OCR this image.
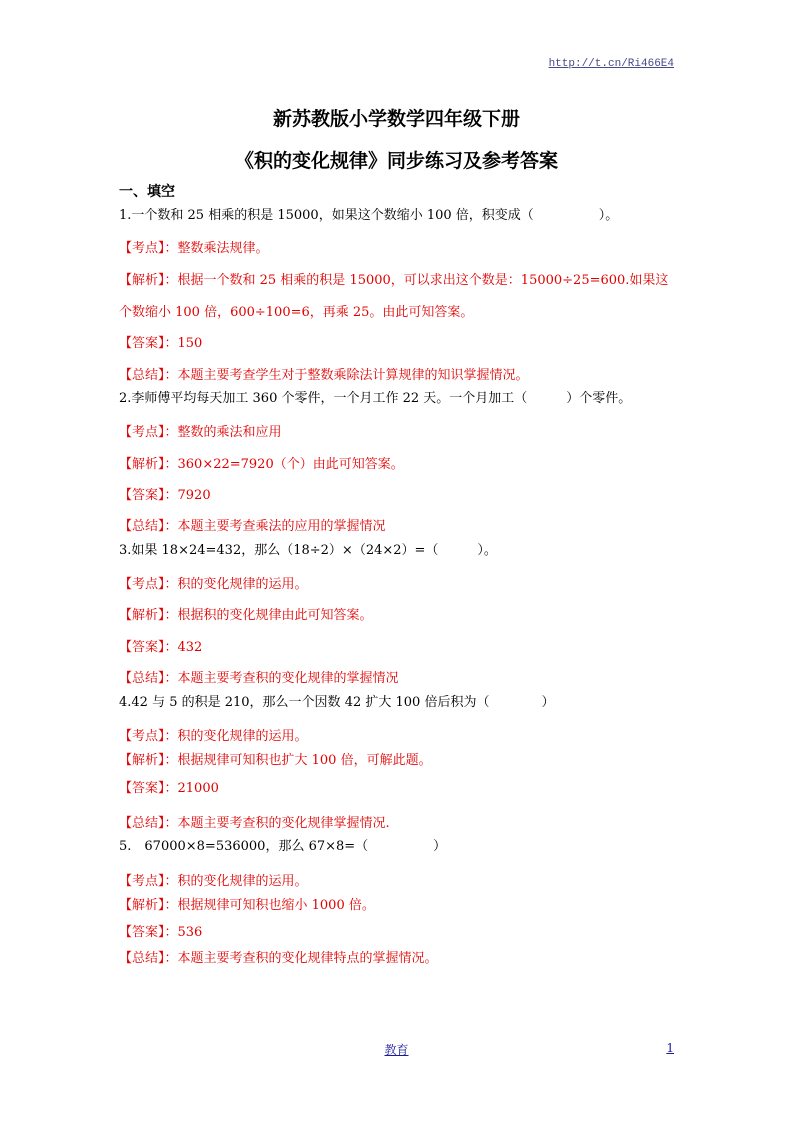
http://t.cn/Ri466E4
新苏教版小学数学四年级下册
《积的变化规律》同步练习及参考答案
一、填空
1.一个数和 25 相乘的积是 15000，如果这个数缩小 100 倍，积变成（　　　　　）。
【考点】：整数乘法规律。
【解析】：根据一个数和 25 相乘的积是 15000，可以求出这个数是：15000÷25=600.如果这
个数缩小 100 倍，600÷100=6，再乘 25。由此可知答案。
【答案】：150
【总结】：本题主要考查学生对于整数乘除法计算规律的知识掌握情况。
2.李师傅平均每天加工 360 个零件，一个月工作 22 天。一个月加工（　　　）个零件。
【考点】：整数的乘法和应用
【解析】：360×22=7920（个）由此可知答案。
【答案】：7920
【总结】：本题主要考查乘法的应用的掌握情况
3.如果 18×24=432，那么（18÷2）×（24×2）=（　　　）。
【考点】：积的变化规律的运用。
【解析】：根据积的变化规律由此可知答案。
【答案】：432
【总结】：本题主要考查积的变化规律的掌握情况
4.42 与 5 的积是 210，那么一个因数 42 扩大 100 倍后积为（　　　　）
【考点】：积的变化规律的运用。
【解析】：根据规律可知积也扩大 100 倍，可解此题。
【答案】：21000
【总结】：本题主要考查积的变化规律掌握情况.
5.　67000×8=536000，那么 67×8=（　　　　　）
【考点】：积的变化规律的运用。
【解析】：根据规律可知积也缩小 1000 倍。
【答案】：536
【总结】：本题主要考查积的变化规律特点的掌握情况。
教育	1
